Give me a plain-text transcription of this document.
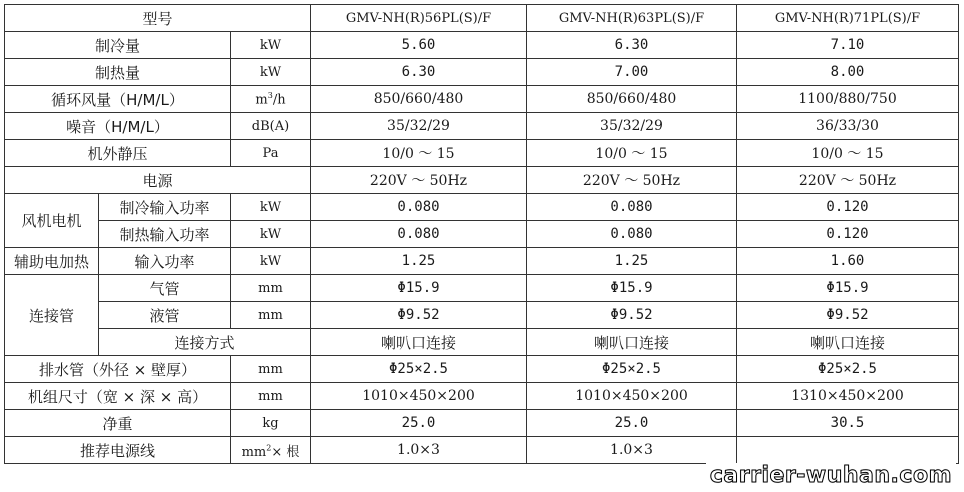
型号			GMV-NH(R)56PL(S)/F	GMV-NH(R)63PL(S)/F	GMV-NH(R)71PL(S)/F
制冷量		kW	5.60	6.30	7.10
制热量		kW	6.30	7.00	8.00
循环风量（H/M/L）		$m^3/h$	850/660/480	850/660/480	1100/880/750
噪音（H/M/L）		dB(A)	35/32/29	35/32/29	36/33/30
机外静压		Pa	10/0 ～ 15	10/0 ～ 15	10/0 ～ 15
电源			220V ～ 50Hz	220V ～ 50Hz	220V ～ 50Hz
风机电机	制冷输入功率	kW	0.080	0.080	0.120
	制热输入功率	kW	0.080	0.080	0.120
辅助电加热	输入功率	kW	1.25	1.25	1.60
连接管	气管	mm	Φ15.9	Φ15.9	Φ15.9
	液管	mm	Φ9.52	Φ9.52	Φ9.52
	连接方式		喇叭口连接	喇叭口连接	喇叭口连接
排水管（外径 × 壁厚）		mm	Φ25×2.5	Φ25×2.5	Φ25×2.5
机组尺寸（宽 × 深 × 高）		mm	1010×450×200	1010×450×200	1310×450×200
净重		kg	25.0	25.0	30.5
推荐电源线		$mm^2\times$ 根	1.0×3	1.0×3	
carrier-wuhan.com
